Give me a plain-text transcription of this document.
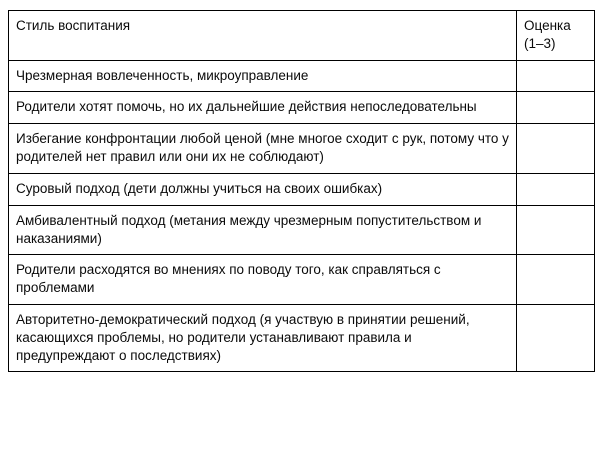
Стиль воспитания	Оценка
(1–3)

Чрезмерная вовлеченность, микроуправление	
Родители хотят помочь, но их дальнейшие действия непоследовательны	
Избегание конфронтации любой ценой (мне многое сходит с рук, потому что у родителей нет правил или они их не соблюдают)	
Суровый подход (дети должны учиться на своих ошибках)	
Амбивалентный подход (метания между чрезмерным попустительством и наказаниями)	
Родители расходятся во мнениях по поводу того, как справляться с проблемами	
Авторитетно-демократический подход (я участвую в принятии решений, касающихся проблемы, но родители устанавливают правила и предупреждают о последствиях)	
